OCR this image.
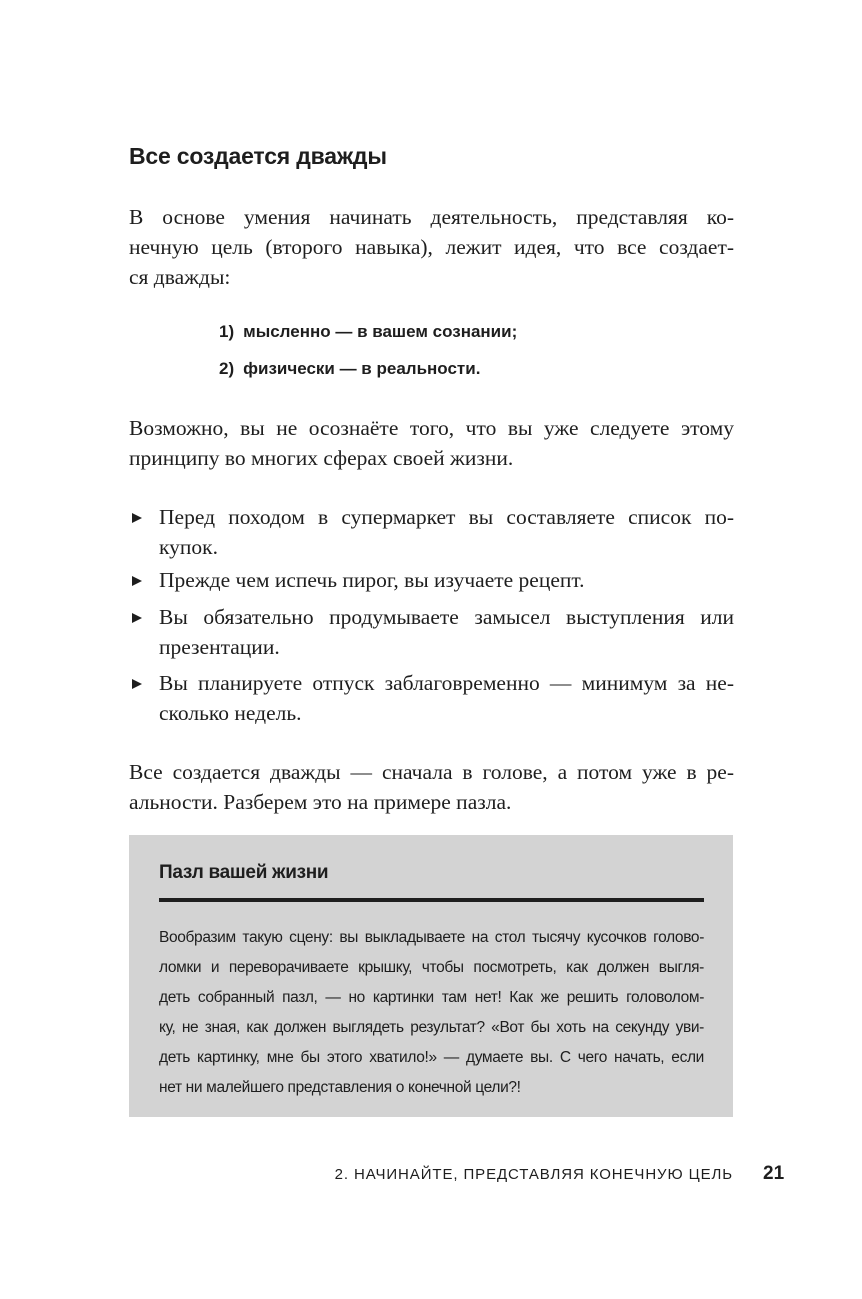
Все создается дважды

В основе умения начинать деятельность, представляя ко-
нечную цель (второго навыка), лежит идея, что все создает-
ся дважды:

1) мысленно — в вашем сознании;
2) физически — в реальности.

Возможно, вы не осознаёте того, что вы уже следуете этому
принципу во многих сферах своей жизни.

Перед походом в супермаркет вы составляете список по-
купок.
Прежде чем испечь пирог, вы изучаете рецепт.
Вы обязательно продумываете замысел выступления или
презентации.
Вы планируете отпуск заблаговременно — минимум за не-
сколько недель.

Все создается дважды — сначала в голове, а потом уже в ре-
альности. Разберем это на примере пазла.

Пазл вашей жизни

Вообразим такую сцену: вы выкладываете на стол тысячу кусочков голово-
ломки и переворачиваете крышку, чтобы посмотреть, как должен выгля-
деть собранный пазл, — но картинки там нет! Как же решить головолом-
ку, не зная, как должен выглядеть результат? «Вот бы хоть на секунду уви-
деть картинку, мне бы этого хватило!» — думаете вы. С чего начать, если
нет ни малейшего представления о конечной цели?!

2. НАЧИНАЙТЕ, ПРЕДСТАВЛЯЯ КОНЕЧНУЮ ЦЕЛЬ 21
